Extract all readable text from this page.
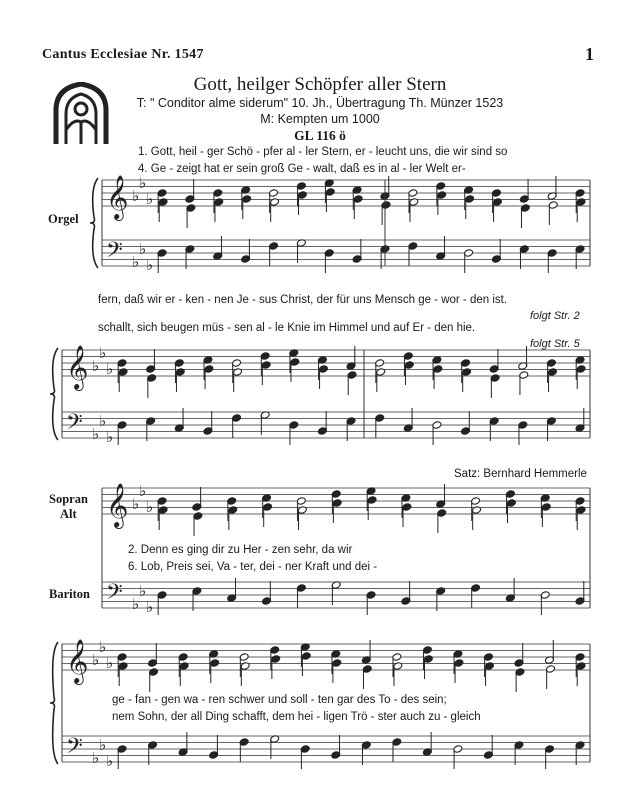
Cantus Ecclesiae Nr. 1547	1
Gott, heilger Schöpfer aller Stern
T: " Conditor alme siderum" 10. Jh., Übertragung Th. Münzer 1523
M: Kempten um 1000
GL 116 ö
1. Gott, heil - ger Schö - pfer al - ler Stern, er - leucht uns, die wir sind so
4. Ge - zeigt hat er sein groß Ge - walt, daß es in al - ler Welt er-
Orgel
fern, daß wir er - ken - nen Je - sus Christ, der für uns Mensch ge - wor - den ist.
folgt Str. 2
schallt, sich beugen müs - sen al - le Knie im Himmel und auf Er - den hie.
folgt Str. 5
Satz: Bernhard Hemmerle
Sopran
Alt
Bariton
2. Denn es ging dir zu Her - zen sehr, da wir
6. Lob, Preis sei, Va - ter, dei - ner Kraft und dei -
ge - fan - gen wa - ren schwer und soll - ten gar des To - des sein;
nem Sohn, der all Ding schafft, dem hei - ligen Trö - ster auch zu - gleich
𝄞 ♭
♭
♭
𝄢 ♭
♭
♭
𝄞 ♭
♭
♭
𝄢 ♭
♭
♭
𝄞 ♭
♭
♭
𝄢 ♭
♭
♭
𝄞 ♭
♭
♭
𝄢 ♭
♭
♭
